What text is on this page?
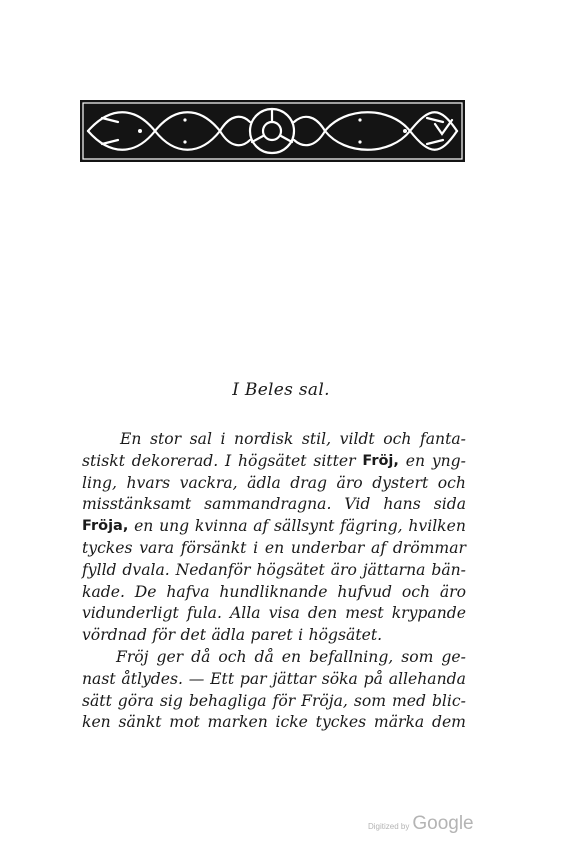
I Beles sal.
En stor sal i nordisk stil, vildt och fanta-
stiskt dekorerad. I högsätet sitter Fröj, en yng-
ling, hvars vackra, ädla drag äro dystert och
misstänksamt sammandragna. Vid hans sida
Fröja, en ung kvinna af sällsynt fägring, hvilken
tyckes vara försänkt i en underbar af drömmar
fylld dvala. Nedanför högsätet äro jättarna bän-
kade. De hafva hundliknande hufvud och äro
vidunderligt fula. Alla visa den mest krypande
vördnad för det ädla paret i högsätet.
Fröj ger då och då en befallning, som ge-
nast åtlydes. — Ett par jättar söka på allehanda
sätt göra sig behagliga för Fröja, som med blic-
ken sänkt mot marken icke tyckes märka dem
Digitized by Google
